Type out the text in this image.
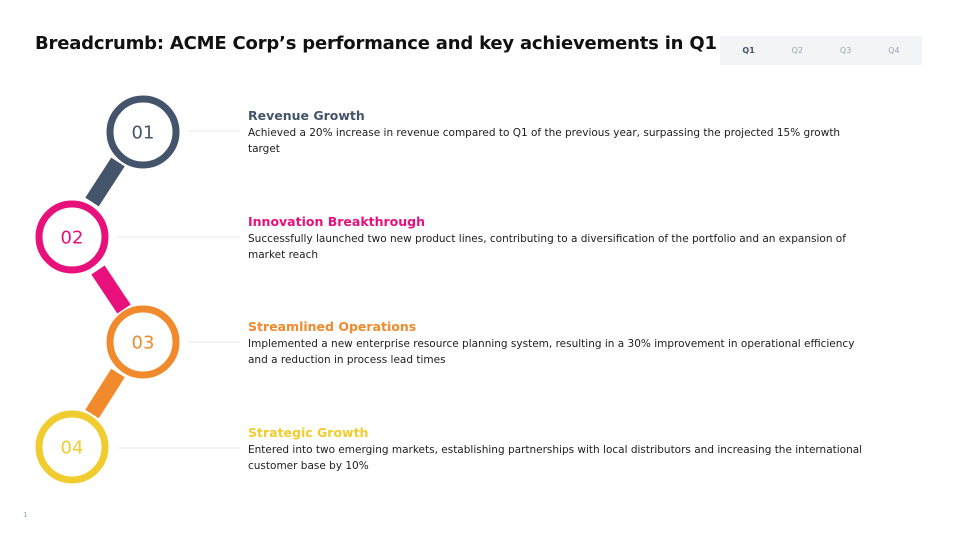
Breadcrumb: ACME Corp’s performance and key achievements in Q1	Q1	Q2	Q3	Q4
01
02
03
04
Revenue Growth
Achieved a 20% increase in revenue compared to Q1 of the previous year, surpassing the projected 15% growth target
Innovation Breakthrough
Successfully launched two new product lines, contributing to a diversification of the portfolio and an expansion of market reach
Streamlined Operations
Implemented a new enterprise resource planning system, resulting in a 30% improvement in operational efficiency and a reduction in process lead times
Strategic Growth
Entered into two emerging markets, establishing partnerships with local distributors and increasing the international customer base by 10%
1
